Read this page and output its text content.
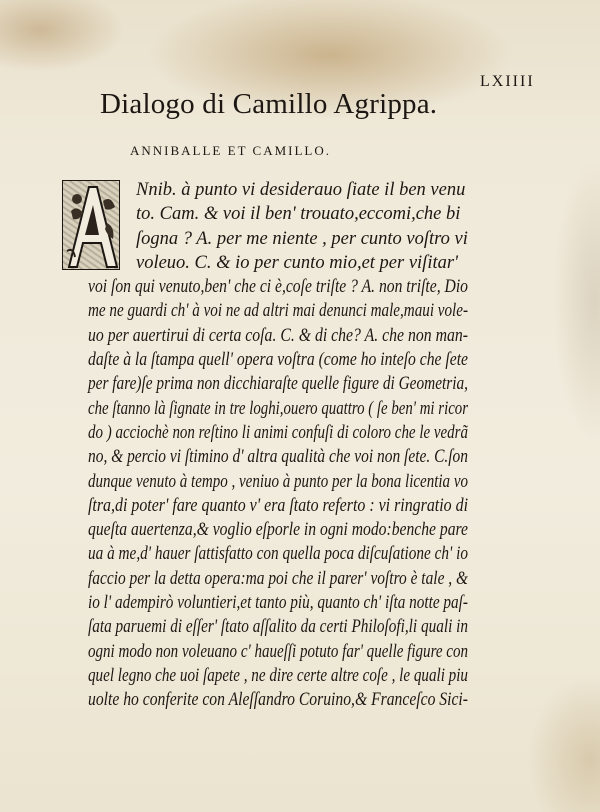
LXIIII
Dialogo di Camillo Agrippa.
ANNIBALLE ET CAMILLO.
Nnib. à punto vi desiderauo ſiate il ben venu
to. Cam. & voi il ben' trouato,eccomi,che bi
ſogna ? A. per me niente , per cunto voſtro vi
voleuo. C. & io per cunto mio,et per viſitar'
voi ſon qui venuto,ben' che ci è,coſe triſte ? A. non triſte, Dio
me ne guardi ch' à voi ne ad altri mai denunci male,maui vole-
uo per auertirui di certa coſa. C. & di che? A. che non man-
daſte à la ſtampa quell' opera voſtra (come ho inteſo che ſete
per fare)ſe prima non dicchiaraſte quelle figure di Geometria,
che ſtanno là ſignate in tre loghi,ouero quattro ( ſe ben' mi ricor
do ) acciochè non reſtino li animi confuſi di coloro che le vedrã
no, & percio vi ſtimino d' altra qualità che voi non ſete. C.ſon
dunque venuto à tempo , veniuo à punto per la bona licentia vo
ſtra,di poter' fare quanto v' era ſtato referto : vi ringratio di
queſta auertenza,& voglio eſporle in ogni modo:benche pare
ua à me,d' hauer ſattisfatto con quella poca diſcuſatione ch' io
faccio per la detta opera:ma poi che il parer' voſtro è tale , &
io l' adempirò voluntieri,et tanto più, quanto ch' iſta notte paſ-
ſata paruemi di eſſer' ſtato aſſalito da certi Philoſofi,li quali in
ogni modo non voleuano c' haueſſi potuto far' quelle figure con
quel legno che uoi ſapete , ne dire certe altre coſe , le quali piu
uolte ho conferite con Aleſſandro Coruino,& Franceſco Sici-
